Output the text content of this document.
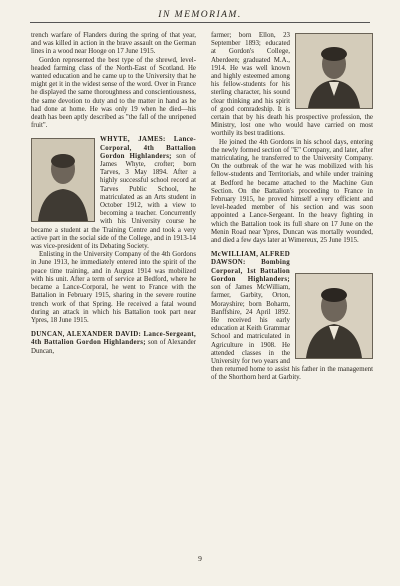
IN MEMORIAM.

trench warfare of Flanders during the spring of that year, and was killed in action in the brave assault on the German lines in a wood near Hooge on 17 June 1915.

Gordon represented the best type of the shrewd, level-headed farming class of the North-East of Scotland. He wanted education and he came up to the University that he might get it in the widest sense of the word. Over in France he displayed the same thoroughness and conscientiousness, the same devotion to duty and to the matter in hand as he had done at home. He was only 19 when he died—his death has been aptly described as "the fall of the unripened fruit".

WHYTE, JAMES: Lance-Corporal, 4th Battalion Gordon Highlanders; son of James Whyte, crofter; born Tarves, 3 May 1894. After a highly successful school record at Tarves Public School, he matriculated as an Arts student in October 1912, with a view to becoming a teacher. Concurrently with his University course he became a student at the Training Centre and took a very active part in the social side of the College, and in 1913-14 was vice-president of its Debating Society.

Enlisting in the University Company of the 4th Gordons in June 1913, he immediately entered into the spirit of the peace time training, and in August 1914 was mobilized with his unit. After a term of service at Bedford, where he became a Lance-Corporal, he went to France with the Battalion in February 1915, sharing in the severe routine trench work of that Spring. He received a fatal wound during an attack in which his Battalion took part near Ypres, 18 June 1915.

DUNCAN, ALEXANDER DAVID: Lance-Sergeant, 4th Battalion Gordon Highlanders; son of Alexander Duncan,

farmer; born Ellon, 23 September 1893; educated at Gordon's College, Aberdeen; graduated M.A., 1914. He was well known and highly esteemed among his fellow-students for his sterling character, his sound clear thinking and his spirit of good comradeship. It is certain that by his death his prospective profession, the Ministry, lost one who would have carried on most worthily its best traditions.

He joined the 4th Gordons in his school days, entering the newly formed section of "E" Company, and later, after matriculating, he transferred to the University Company. On the outbreak of the war he was mobilized with his fellow-students and Territorials, and while under training at Bedford he became attached to the Machine Gun Section. On the Battalion's proceeding to France in February 1915, he proved himself a very efficient and level-headed member of his section and was soon appointed a Lance-Sergeant. In the heavy fighting in which the Battalion took its full share on 17 June on the Menin Road near Ypres, Duncan was mortally wounded, and died a few days later at Wimereux, 25 June 1915.

McWILLIAM, ALFRED DAWSON: Bombing Corporal, 1st Battalion Gordon Highlanders; son of James McWilliam, farmer, Garbity, Orton, Morayshire; born Boharm, Banffshire, 24 April 1892. He received his early education at Keith Grammar School and matriculated in Agriculture in 1908. He attended classes in the University for two years and then returned home to assist his father in the management of the Shorthorn herd at Garbity.

9
